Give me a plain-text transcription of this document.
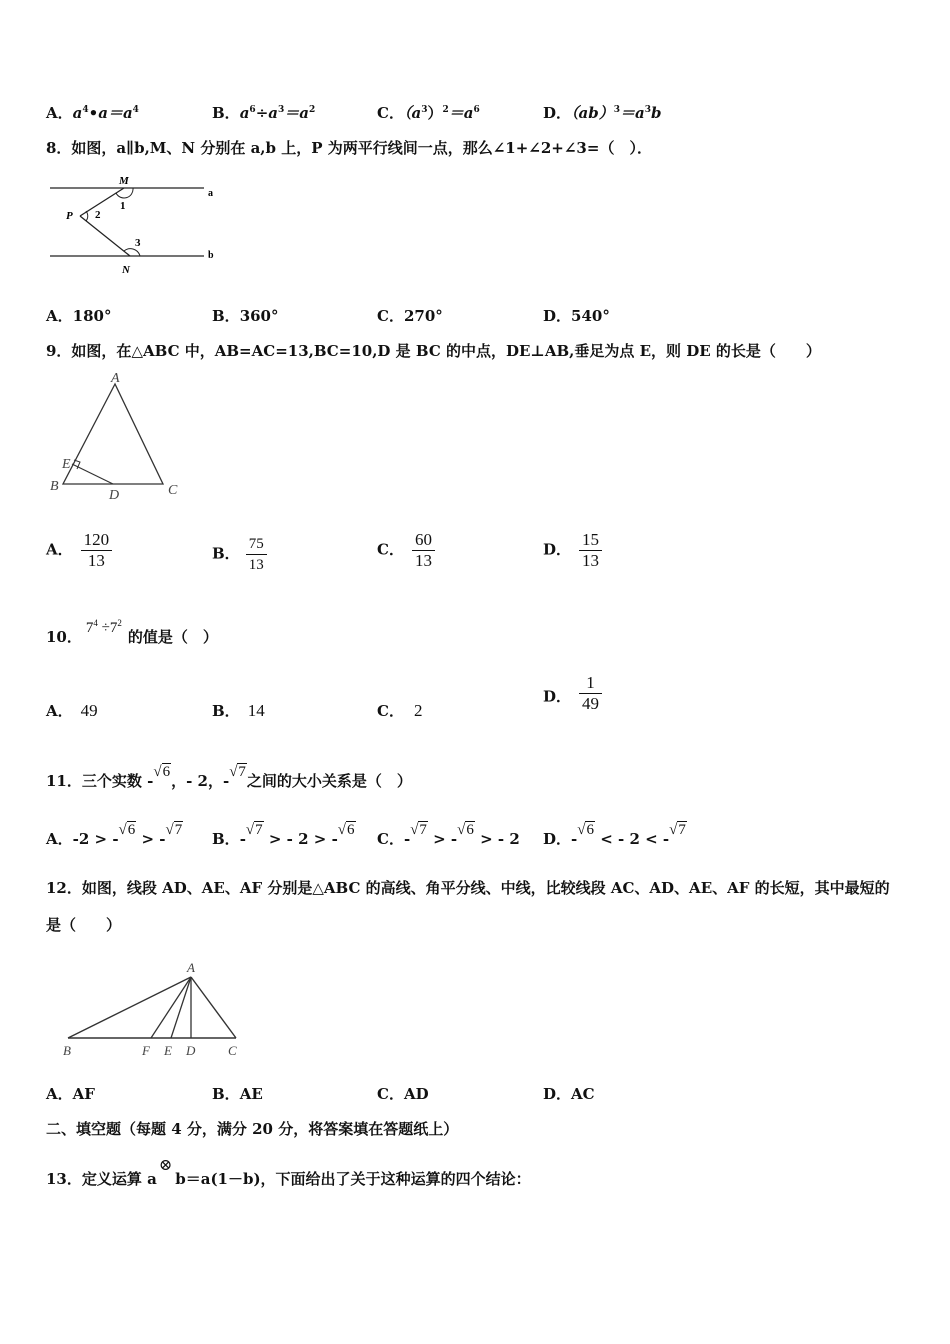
A．$a^4•a=a^4$	B．$a^6\div a^3=a^2$	C．$(a^3)^2=a^6$	D．$(ab)^3=a^3b$
8．如图，a∥b,M、N 分别在 a,b 上，P 为两平行线间一点，那么∠1+∠2+∠3=（　）．
M
N
P
a
b
1
2
3
A．180°	B．360°	C．270°	D．540°
9．如图，在△ABC 中，AB=AC=13,BC=10,D 是 BC 的中点，DE⊥AB,垂足为点 E，则 DE 的长是（　　）
A
B	C
D
E
A． $\frac{120}{13}$	B． $\frac{75}{13}$	C． $\frac{60}{13}$	D． $\frac{15}{13}$
10． $7^4 \div 7^2$的值是（　）
A． 49	B． 14	C． 2
D． $\frac{1}{49}$
11．三个实数 -√6，- 2，-√7之间的大小关系是（　）
A．-2 > -√6 > -√7 B．-√7 > - 2 > -√6 C．-√7 > -√6 > - 2 D．-√6 < - 2 < -√7
12．如图，线段 AD、AE、AF 分别是△ABC 的高线、角平分线、中线，比较线段 AC、AD、AE、AF 的长短，其中最短的
是（　　）
A
B	F E D	C
A．AF	B．AE	C．AD	D．AC
二、填空题（每题 4 分，满分 20 分，将答案填在答题纸上）
13．定义运算 a⊗b＝a(1－b)，下面给出了关于这种运算的四个结论：
